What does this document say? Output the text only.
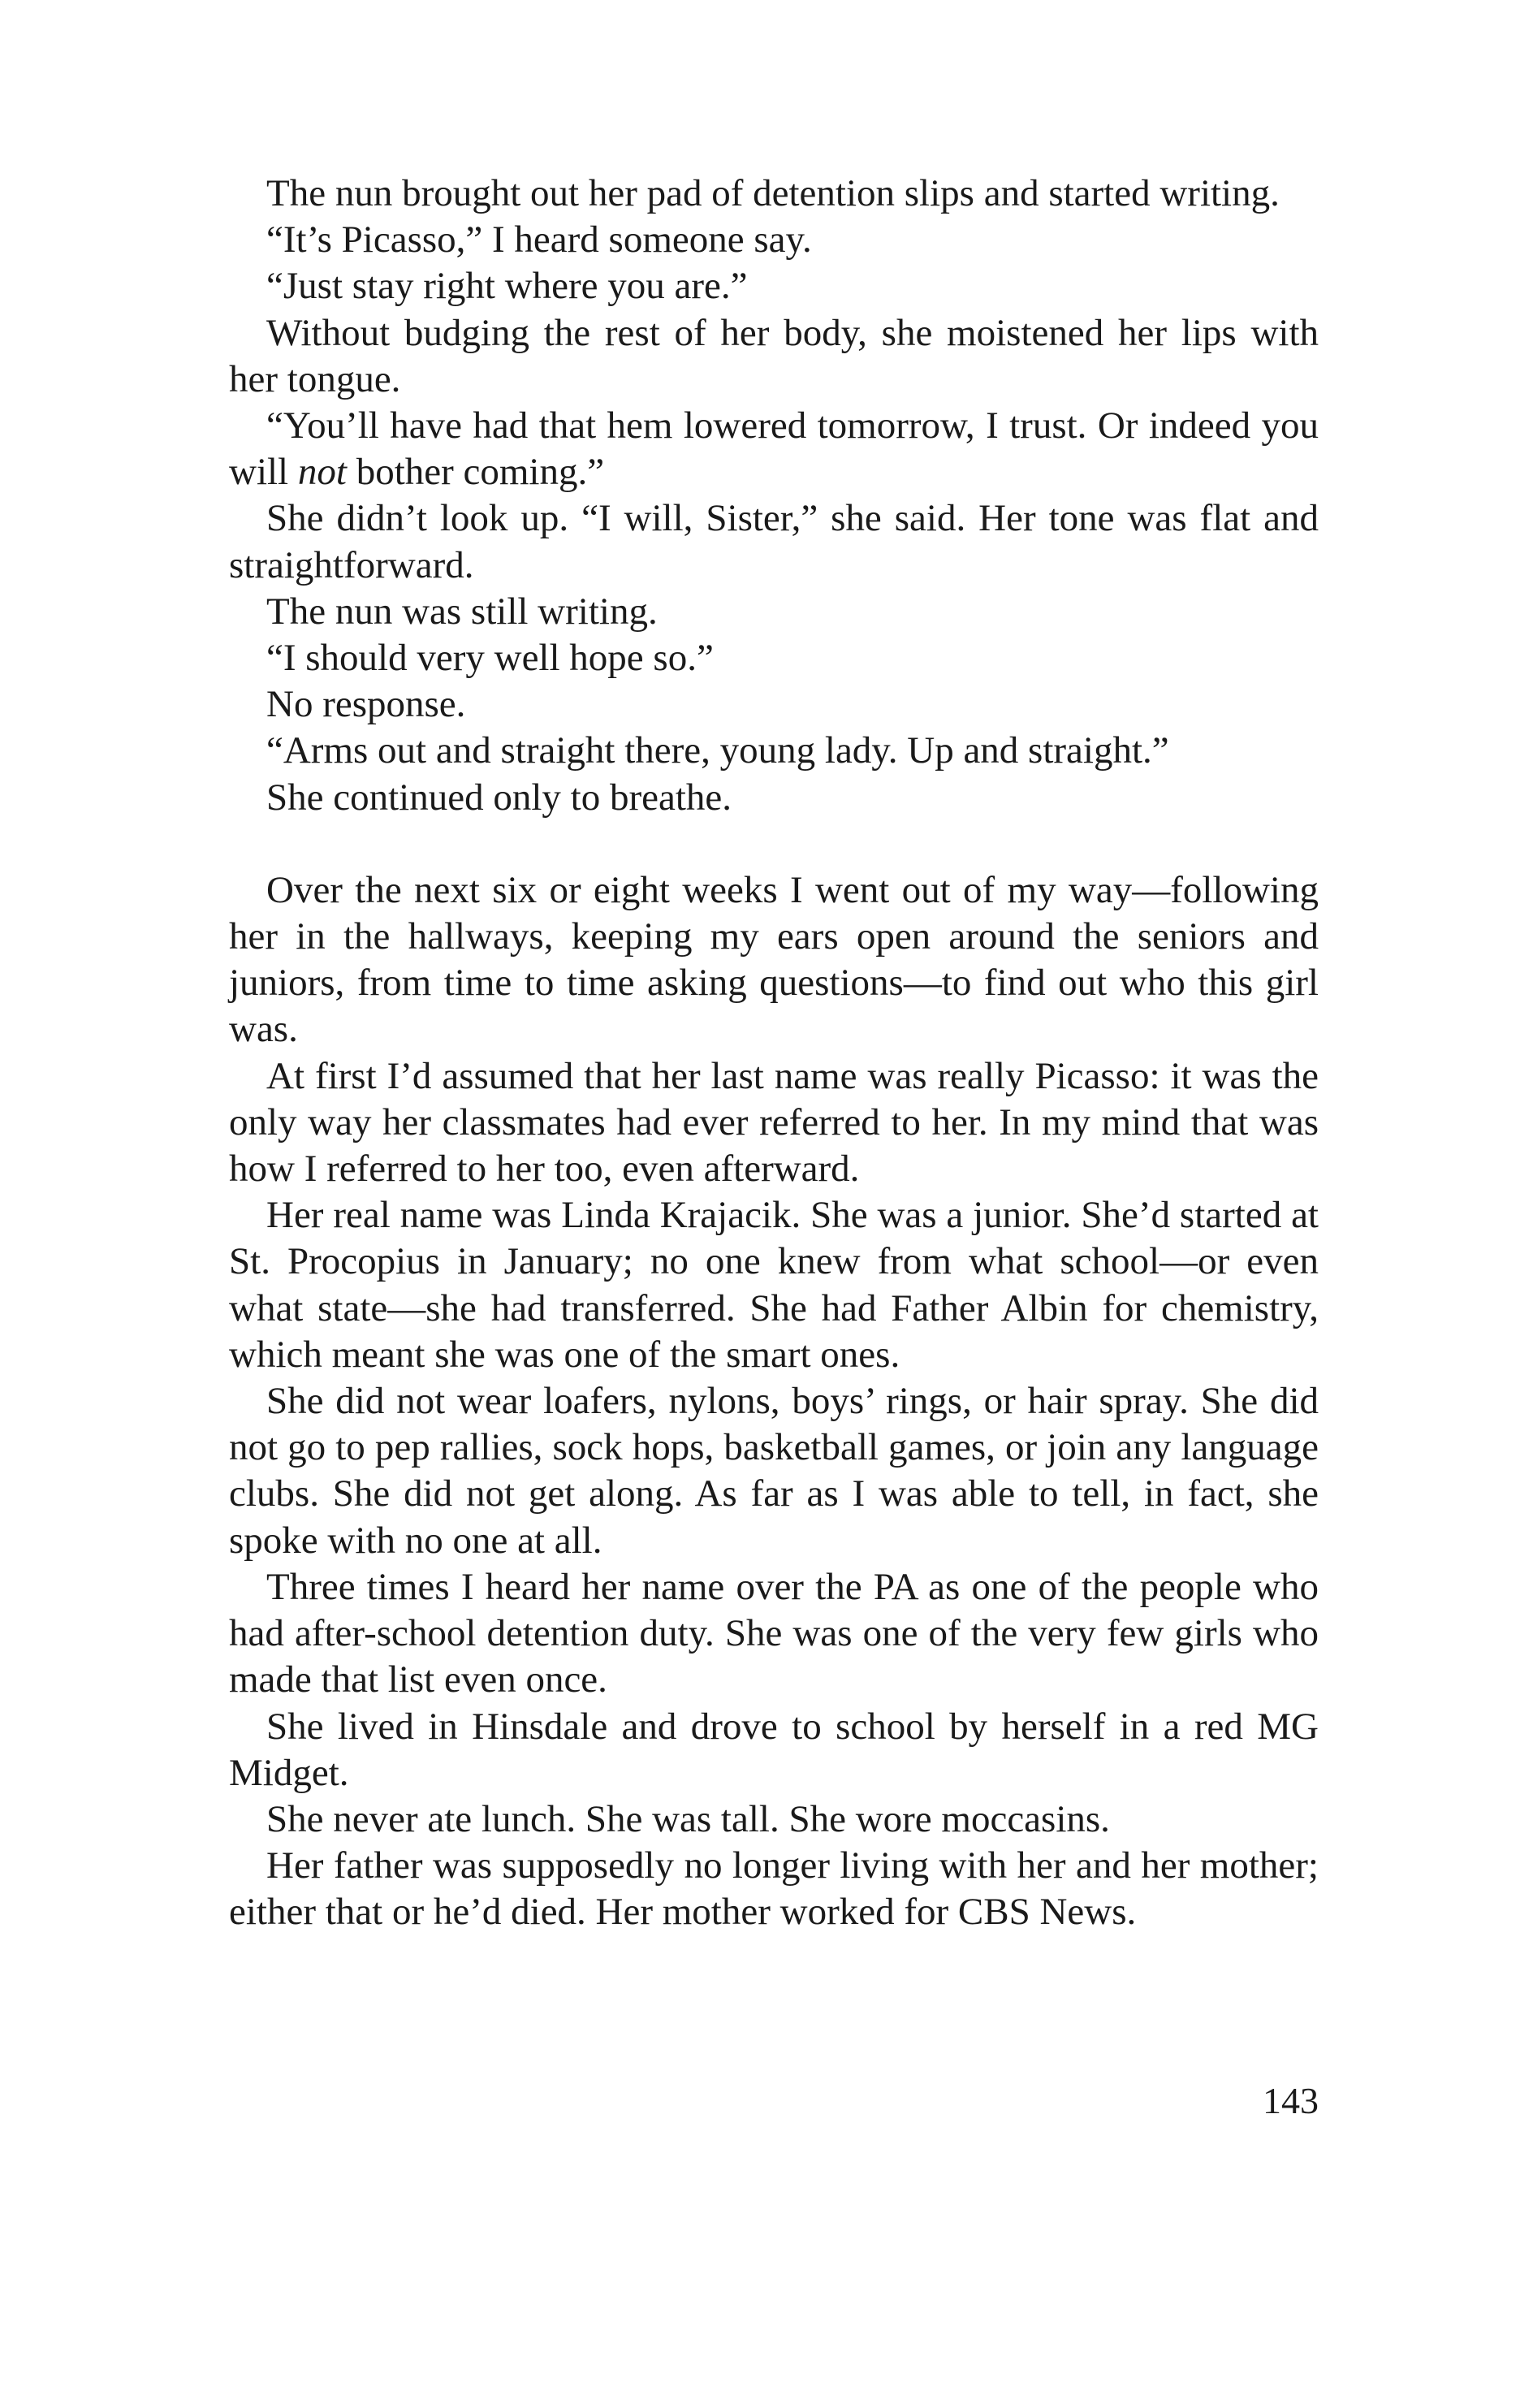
The nun brought out her pad of detention slips and started writing.

“It’s Picasso,” I heard someone say.

“Just stay right where you are.”

Without budging the rest of her body, she moistened her lips with her tongue.

“You’ll have had that hem lowered tomorrow, I trust. Or indeed you will not bother coming.”

She didn’t look up. “I will, Sister,” she said. Her tone was flat and straightforward.

The nun was still writing.

“I should very well hope so.”

No response.

“Arms out and straight there, young lady. Up and straight.”

She continued only to breathe.

Over the next six or eight weeks I went out of my way—following her in the hallways, keeping my ears open around the seniors and juniors, from time to time asking questions—to find out who this girl was.

At first I’d assumed that her last name was really Picasso: it was the only way her classmates had ever referred to her. In my mind that was how I referred to her too, even afterward.

Her real name was Linda Krajacik. She was a junior. She’d started at St. Procopius in January; no one knew from what school—or even what state—she had transferred. She had Father Albin for chemistry, which meant she was one of the smart ones.

She did not wear loafers, nylons, boys’ rings, or hair spray. She did not go to pep rallies, sock hops, basketball games, or join any language clubs. She did not get along. As far as I was able to tell, in fact, she spoke with no one at all.

Three times I heard her name over the PA as one of the people who had after-school detention duty. She was one of the very few girls who made that list even once.

She lived in Hinsdale and drove to school by herself in a red MG Midget.

She never ate lunch. She was tall. She wore moccasins.

Her father was supposedly no longer living with her and her mother; either that or he’d died. Her mother worked for CBS News.

143
